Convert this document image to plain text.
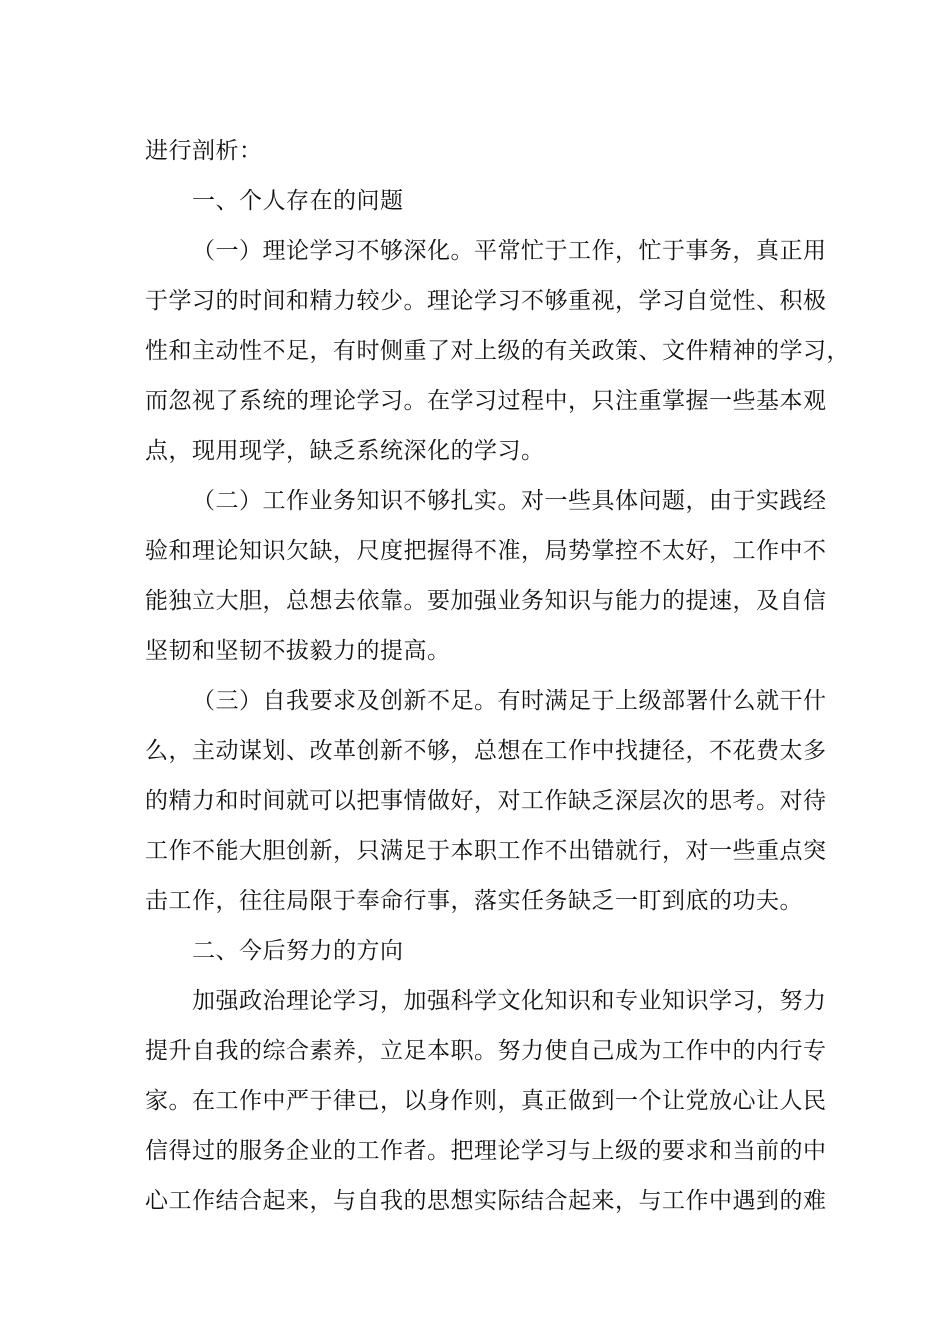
进行剖析：
一、个人存在的问题
（一）理论学习不够深化。平常忙于工作，忙于事务，真正用
于学习的时间和精力较少。理论学习不够重视，学习自觉性、积极
性和主动性不足，有时侧重了对上级的有关政策、文件精神的学习，
而忽视了系统的理论学习。在学习过程中，只注重掌握一些基本观
点，现用现学，缺乏系统深化的学习。
（二）工作业务知识不够扎实。对一些具体问题，由于实践经
验和理论知识欠缺，尺度把握得不准，局势掌控不太好，工作中不
能独立大胆，总想去依靠。要加强业务知识与能力的提速，及自信
坚韧和坚韧不拔毅力的提高。
（三）自我要求及创新不足。有时满足于上级部署什么就干什
么，主动谋划、改革创新不够，总想在工作中找捷径，不花费太多
的精力和时间就可以把事情做好，对工作缺乏深层次的思考。对待
工作不能大胆创新，只满足于本职工作不出错就行，对一些重点突
击工作，往往局限于奉命行事，落实任务缺乏一盯到底的功夫。
二、今后努力的方向
加强政治理论学习，加强科学文化知识和专业知识学习，努力
提升自我的综合素养，立足本职。努力使自己成为工作中的内行专
家。在工作中严于律已，以身作则，真正做到一个让党放心让人民
信得过的服务企业的工作者。把理论学习与上级的要求和当前的中
心工作结合起来，与自我的思想实际结合起来，与工作中遇到的难
